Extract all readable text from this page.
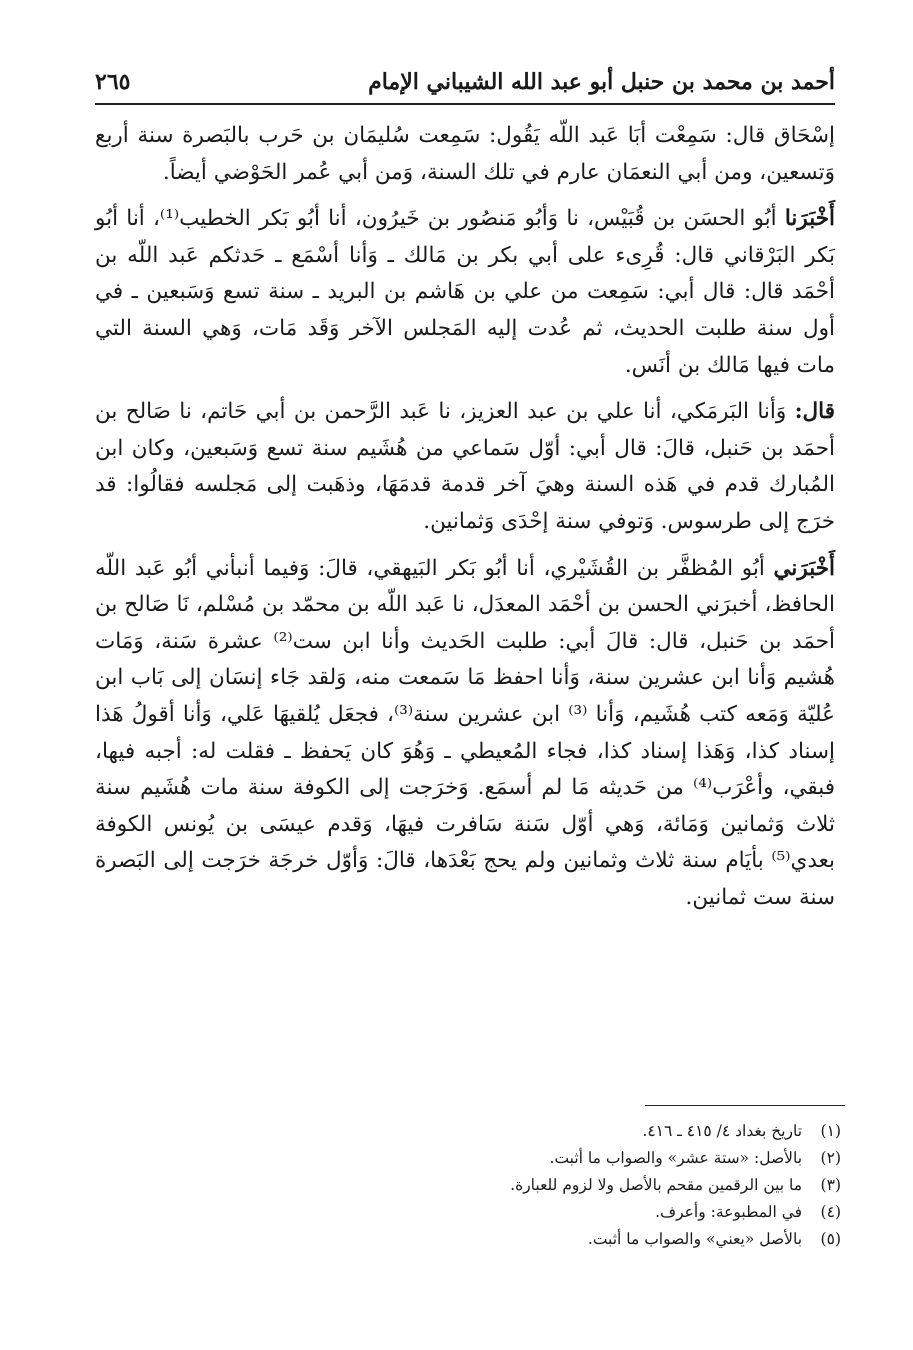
أحمد بن محمد بن حنبل أبو عبد الله الشيباني الإمام
٢٦٥

إسْحَاق قال: سَمِعْت أبَا عَبد اللّه يَقُول: سَمِعت سُليمَان بن حَرب بالبَصرة سنة أربع وَتسعين، ومن أبي النعمَان عارم في تلك السنة، وَمن أبي عُمر الحَوْضي أيضاً.

أَخْبَرَنا أبُو الحسَن بن قُبَيْس، نا وَأبُو مَنصُور بن خَيرُون، أنا أبُو بَكر الخطيب⁽¹⁾، أنا أبُو بَكر البَرْقاني قال: قُرِىء على أبي بكر بن مَالك ـ وَأنا أسْمَع ـ حَدثكم عَبد اللّه بن أحْمَد قال: قال أبي: سَمِعت من علي بن هَاشم بن البريد ـ سنة تسع وَسَبعين ـ في أول سنة طلبت الحديث، ثم عُدت إليه المَجلس الآخر وَقَد مَات، وَهي السنة التي مات فيها مَالك بن أنَس.

قال: وَأنا البَرمَكي، أنا علي بن عبد العزيز، نا عَبد الرَّحمن بن أبي حَاتم، نا صَالح بن أحمَد بن حَنبل، قالَ: قال أبي: أوّل سَماعي من هُشَيم سنة تسع وَسَبعين، وكان ابن المُبارك قدم في هَذه السنة وهيَ آخر قدمة قدمَهَا، وذهَبت إلى مَجلسه فقالُوا: قد خرَج إلى طرسوس. وَتوفي سنة إحْدَى وَثمانين.

أَخْبَرَني أبُو المُظفَّر بن القُشَيْري، أنا أبُو بَكر البَيهقي، قالَ: وَفيما أنبأني أبُو عَبد اللّه الحافظ، أخبرَني الحسن بن أحْمَد المعدَل، نا عَبد اللّه بن محمّد بن مُسْلم، نَا صَالح بن أحمَد بن حَنبل، قال: قالَ أبي: طلبت الحَديث وأنا ابن ست⁽²⁾ عشرة سَنة، وَمَات هُشيم وَأنا ابن عشرين سنة، وَأنا احفظ مَا سَمعت منه، وَلقد جَاء إنسَان إلى بَاب ابن عُليّة وَمَعه كتب هُشَيم، وَأنا ⁽³⁾ ابن عشرين سنة⁽³⁾، فجعَل يُلقيهَا عَلي، وَأنا أقولُ هَذا إسناد كذا، وَهَذا إسناد كذا، فجاء المُعيطي ـ وَهُوَ كان يَحفظ ـ فقلت له: أجبه فيها، فبقي، وأعْرَب⁽⁴⁾ من حَديثه مَا لم أسمَع. وَخرَجت إلى الكوفة سنة مات هُشَيم سنة ثلاث وَثمانين وَمَائة، وَهي أوّل سَنة سَافرت فيهَا، وَقدم عيسَى بن يُونس الكوفة بعدي⁽⁵⁾ بأيَام سنة ثلاث وثمانين ولم يحج بَعْدَها، قالَ: وَأوّل خرجَة خرَجت إلى البَصرة سنة ست ثمانين.

(١) تاريخ بغداد ٤/ ٤١٥ ـ ٤١٦.
(٢) بالأصل: «ستة عشر» والصواب ما أثبت.
(٣) ما بين الرقمين مقحم بالأصل ولا لزوم للعبارة.
(٤) في المطبوعة: وأعرف.
(٥) بالأصل «يعني» والصواب ما أثبت.
